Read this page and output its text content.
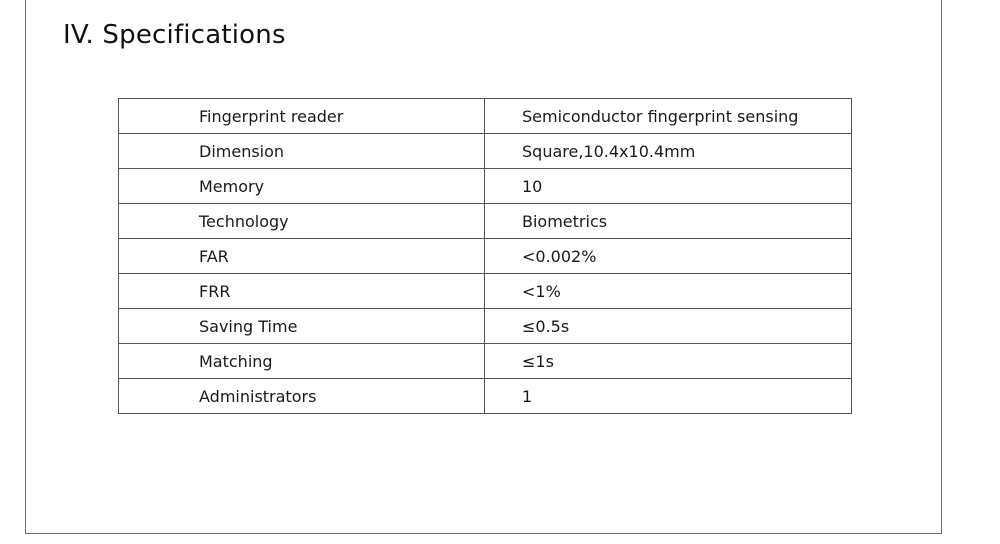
IV. Specifications
Fingerprint reader	Semiconductor fingerprint sensing
Dimension	Square,10.4x10.4mm
Memory	10
Technology	Biometrics
FAR	<0.002%
FRR	<1%
Saving Time	≤0.5s
Matching	≤1s
Administrators	1
